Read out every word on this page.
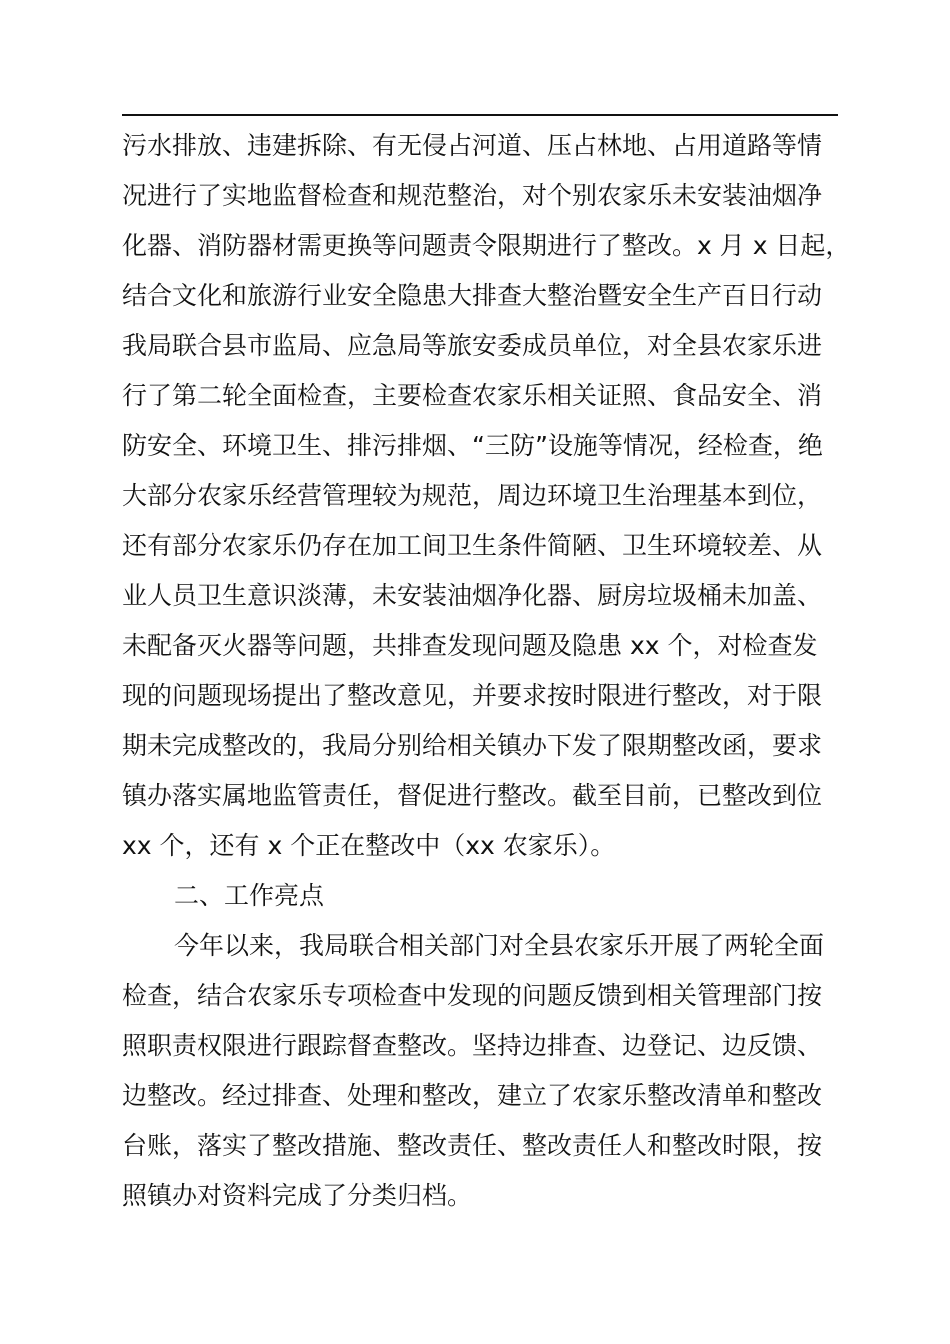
污水排放、违建拆除、有无侵占河道、压占林地、占用道路等情
况进行了实地监督检查和规范整治，对个别农家乐未安装油烟净
化器、消防器材需更换等问题责令限期进行了整改。x 月 x 日起，
结合文化和旅游行业安全隐患大排查大整治暨安全生产百日行动
我局联合县市监局、应急局等旅安委成员单位，对全县农家乐进
行了第二轮全面检查，主要检查农家乐相关证照、食品安全、消
防安全、环境卫生、排污排烟、“三防”设施等情况，经检查，绝
大部分农家乐经营管理较为规范，周边环境卫生治理基本到位，
还有部分农家乐仍存在加工间卫生条件简陋、卫生环境较差、从
业人员卫生意识淡薄，未安装油烟净化器、厨房垃圾桶未加盖、
未配备灭火器等问题，共排查发现问题及隐患 xx 个，对检查发
现的问题现场提出了整改意见，并要求按时限进行整改，对于限
期未完成整改的，我局分别给相关镇办下发了限期整改函，要求
镇办落实属地监管责任，督促进行整改。截至目前，已整改到位
xx 个，还有 x 个正在整改中（xx 农家乐）。
二、工作亮点
今年以来，我局联合相关部门对全县农家乐开展了两轮全面
检查，结合农家乐专项检查中发现的问题反馈到相关管理部门按
照职责权限进行跟踪督查整改。坚持边排查、边登记、边反馈、
边整改。经过排查、处理和整改，建立了农家乐整改清单和整改
台账，落实了整改措施、整改责任、整改责任人和整改时限，按
照镇办对资料完成了分类归档。
